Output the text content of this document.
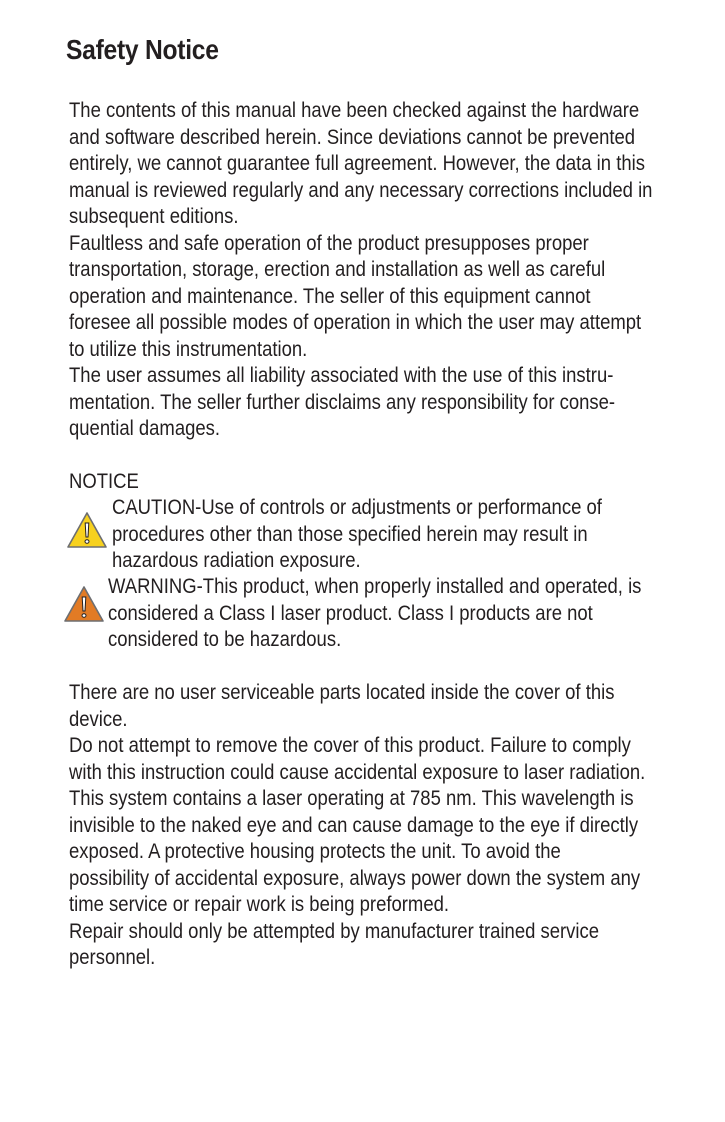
Safety Notice

The contents of this manual have been checked against the hardware

and software described herein. Since deviations cannot be prevented

entirely, we cannot guarantee full agreement. However, the data in this

manual is reviewed regularly and any necessary corrections included in

subsequent editions.

Faultless and safe operation of the product presupposes proper

transportation, storage, erection and installation as well as careful

operation and maintenance. The seller of this equipment cannot

foresee all possible modes of operation in which the user may attempt

to utilize this instrumentation.

The user assumes all liability associated with the use of this instru-

mentation. The seller further disclaims any responsibility for conse-

quential damages.

NOTICE

CAUTION-Use of controls or adjustments or performance of

procedures other than those specified herein may result in

hazardous radiation exposure.

WARNING-This product, when properly installed and operated, is

considered a Class I laser product. Class I products are not

considered to be hazardous.

There are no user serviceable parts located inside the cover of this

device.

Do not attempt to remove the cover of this product. Failure to comply

with this instruction could cause accidental exposure to laser radiation.

This system contains a laser operating at 785 nm. This wavelength is

invisible to the naked eye and can cause damage to the eye if directly

exposed. A protective housing protects the unit. To avoid the

possibility of accidental exposure, always power down the system any

time service or repair work is being preformed.

Repair should only be attempted by manufacturer trained service

personnel.
